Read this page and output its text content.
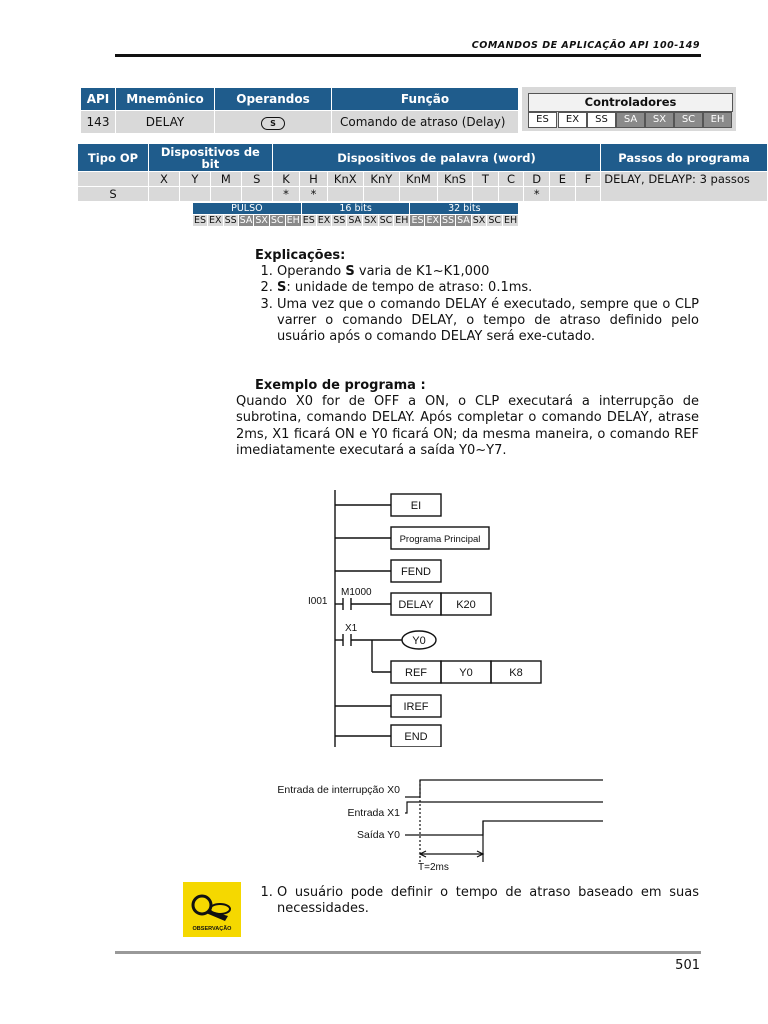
COMANDOS DE APLICAÇÃO API 100-149
API	Mnemônico	Operandos	Função
143	DELAY	S	Comando de atraso (Delay)
Controladores
ES	EX	SS	SA	SX	SC	EH
Tipo OP	Dispositivos de bit				Dispositivos de palavra (word)											Passos do programa
	X	Y	M	S	K	H	KnX	KnY	KnM	KnS	T	C	D	E	F	DELAY, DELAYP: 3 passos
S					*	*							*			
PULSO							16 bits							32 bits						
ES	EX	SS	SA	SX	SC	EH	ES	EX	SS	SA	SX	SC	EH	ES	EX	SS	SA	SX	SC	EH
Explicações:
1. Operando S varia de K1~K1,000
2. S: unidade de tempo de atraso: 0.1ms.
3. Uma vez que o comando DELAY é executado, sempre que o CLP varrer o comando DELAY, o tempo de atraso definido pelo usuário após o comando DELAY será exe-cutado.
Exemplo de programa :
Quando X0 for de OFF a ON, o CLP executará a interrupção de subrotina, comando DELAY. Após completar o comando DELAY, atrase 2ms, X1 ficará ON e Y0 ficará ON; da mesma maneira, o comando REF imediatamente executará a saída Y0~Y7.
EI
Programa Principal
FEND
DELAY K20
Y0
REF	Y0	K8
IREF
END
I001
M1000
X1
Entrada de interrupção X0
Entrada X1
Saída Y0
T=2ms
OBSERVAÇÃO
1. O usuário pode definir o tempo de atraso baseado em suas necessidades.
501
